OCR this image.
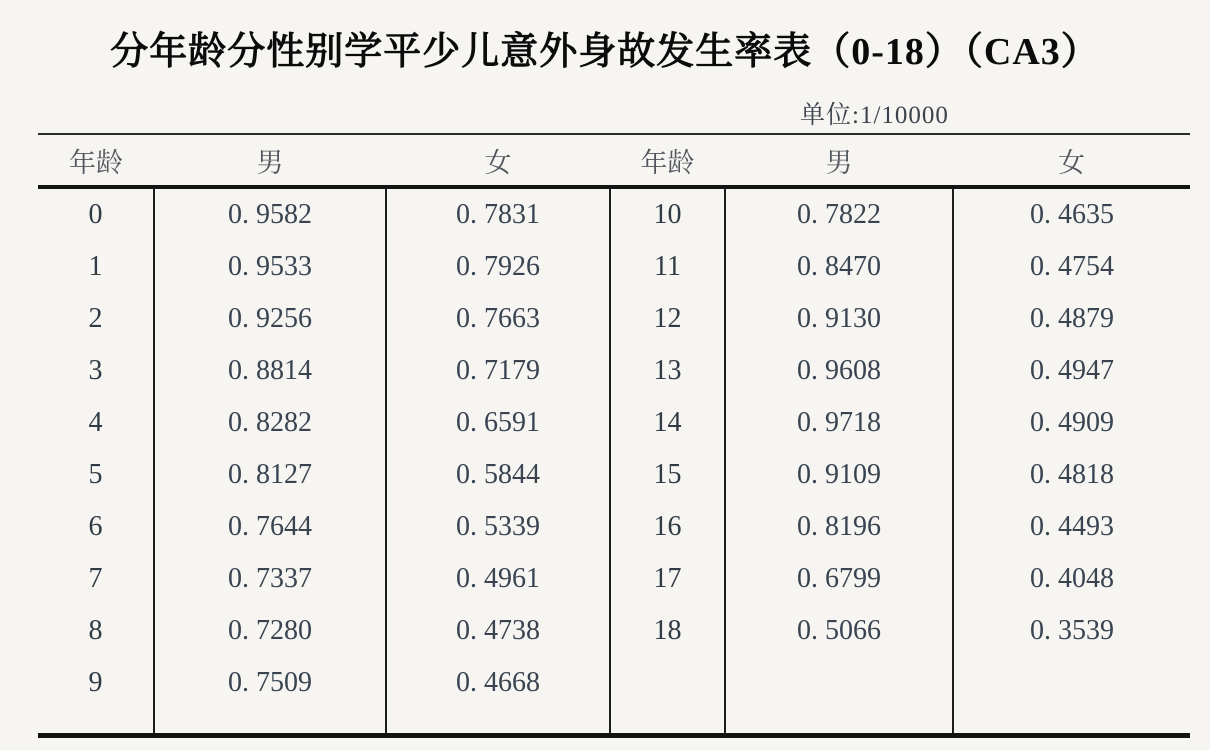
分年龄分性别学平少儿意外身故发生率表（0-18）（CA3）
单位:1/10000
年龄	男	女	年龄	男	女
0	0. 9582	0. 7831	10	0. 7822	0. 4635
1	0. 9533	0. 7926	11	0. 8470	0. 4754
2	0. 9256	0. 7663	12	0. 9130	0. 4879
3	0. 8814	0. 7179	13	0. 9608	0. 4947
4	0. 8282	0. 6591	14	0. 9718	0. 4909
5	0. 8127	0. 5844	15	0. 9109	0. 4818
6	0. 7644	0. 5339	16	0. 8196	0. 4493
7	0. 7337	0. 4961	17	0. 6799	0. 4048
8	0. 7280	0. 4738	18	0. 5066	0. 3539
9	0. 7509	0. 4668			
